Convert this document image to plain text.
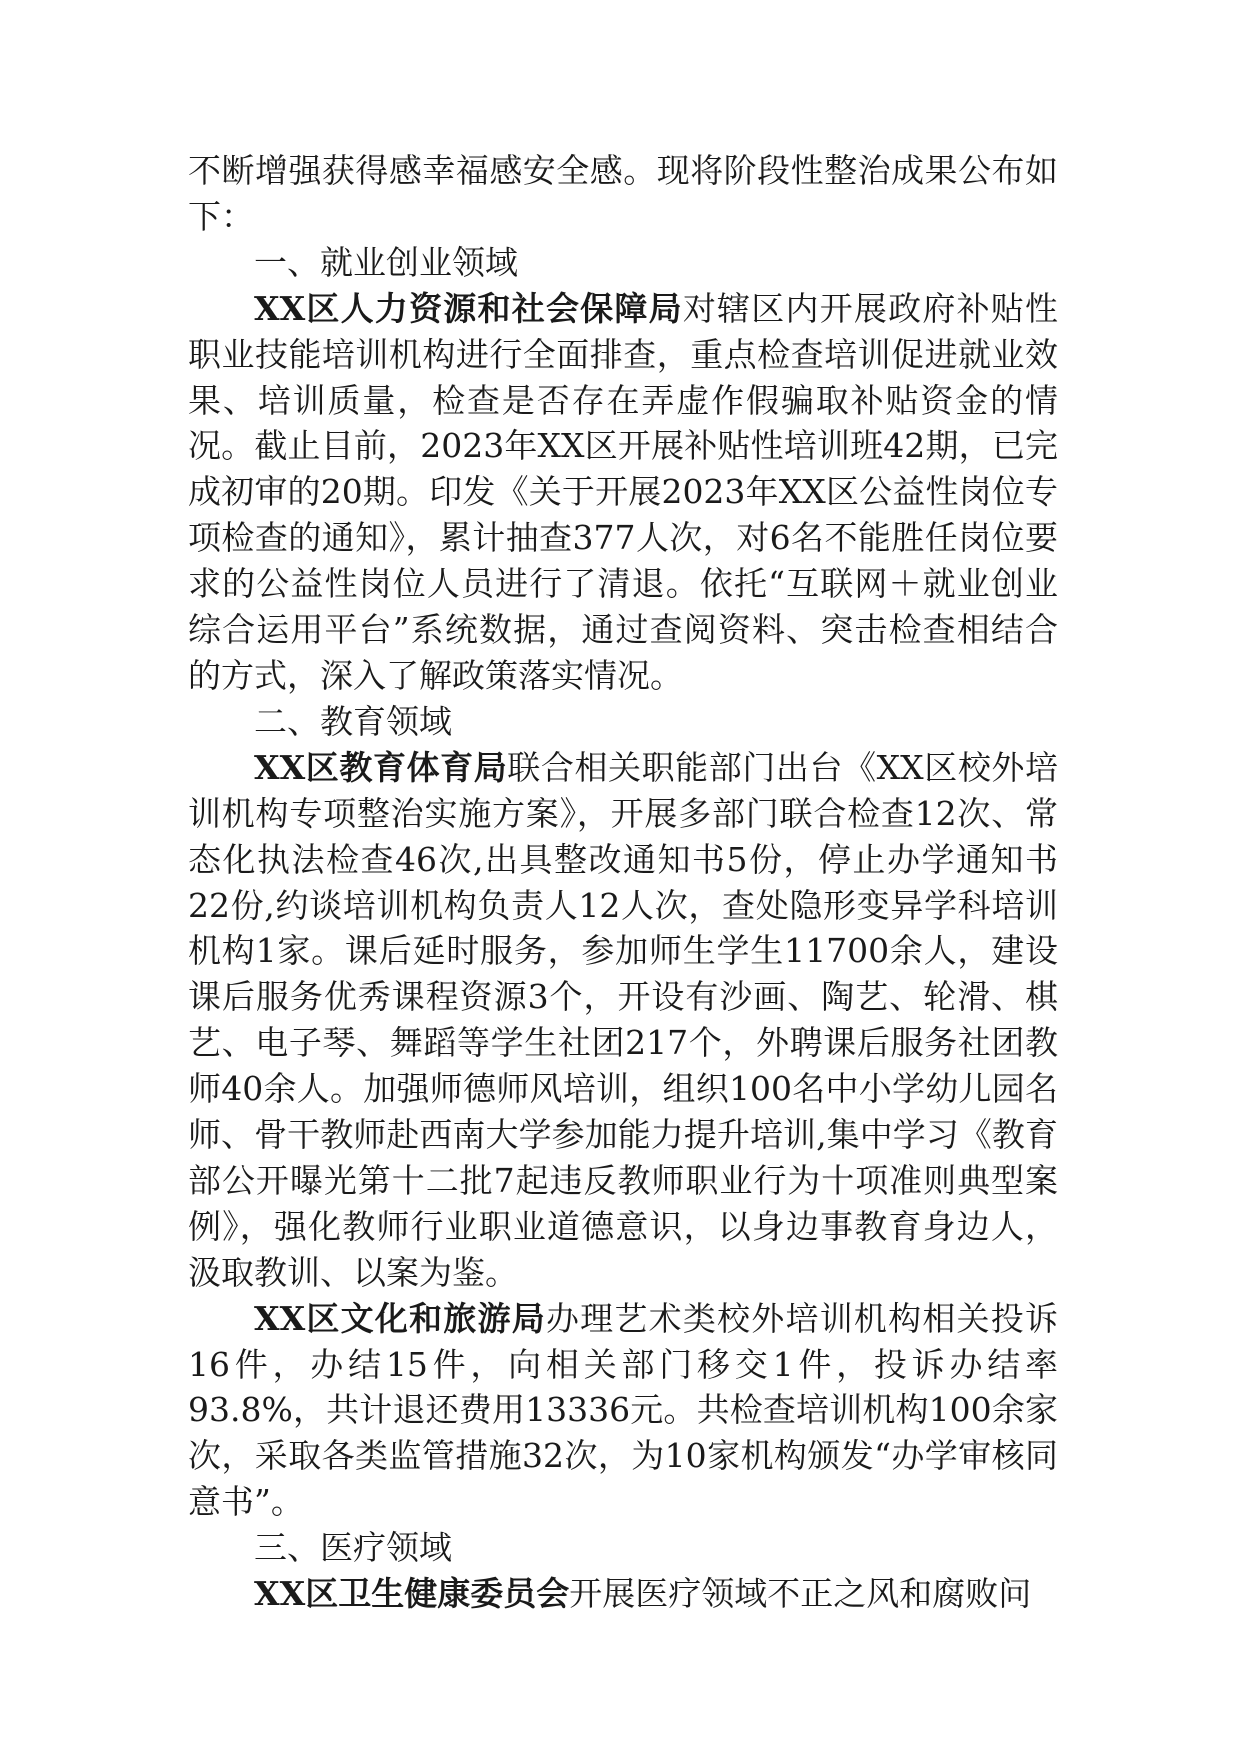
不断增强获得感幸福感安全感。现将阶段性整治成果公布如下：

一、就业创业领域

XX区人力资源和社会保障局对辖区内开展政府补贴性职业技能培训机构进行全面排查，重点检查培训促进就业效果、培训质量，检查是否存在弄虚作假骗取补贴资金的情况。截止目前，2023年XX区开展补贴性培训班42期，已完成初审的20期。印发《关于开展2023年XX区公益性岗位专项检查的通知》，累计抽查377人次，对6名不能胜任岗位要求的公益性岗位人员进行了清退。依托“互联网＋就业创业综合运用平台”系统数据，通过查阅资料、突击检查相结合的方式，深入了解政策落实情况。

二、教育领域

XX区教育体育局联合相关职能部门出台《XX区校外培训机构专项整治实施方案》，开展多部门联合检查12次、常态化执法检查46次,出具整改通知书5份，停止办学通知书22份,约谈培训机构负责人12人次，查处隐形变异学科培训机构1家。课后延时服务，参加师生学生11700余人，建设课后服务优秀课程资源3个，开设有沙画、陶艺、轮滑、棋艺、电子琴、舞蹈等学生社团217个，外聘课后服务社团教师40余人。加强师德师风培训，组织100名中小学幼儿园名师、骨干教师赴西南大学参加能力提升培训,集中学习《教育部公开曝光第十二批7起违反教师职业行为十项准则典型案例》，强化教师行业职业道德意识，以身边事教育身边人，汲取教训、以案为鉴。

XX区文化和旅游局办理艺术类校外培训机构相关投诉16件，办结15件，向相关部门移交1件，投诉办结率93.8%，共计退还费用13336元。共检查培训机构100余家次，采取各类监管措施32次，为10家机构颁发“办学审核同意书”。

三、医疗领域

XX区卫生健康委员会开展医疗领域不正之风和腐败问
